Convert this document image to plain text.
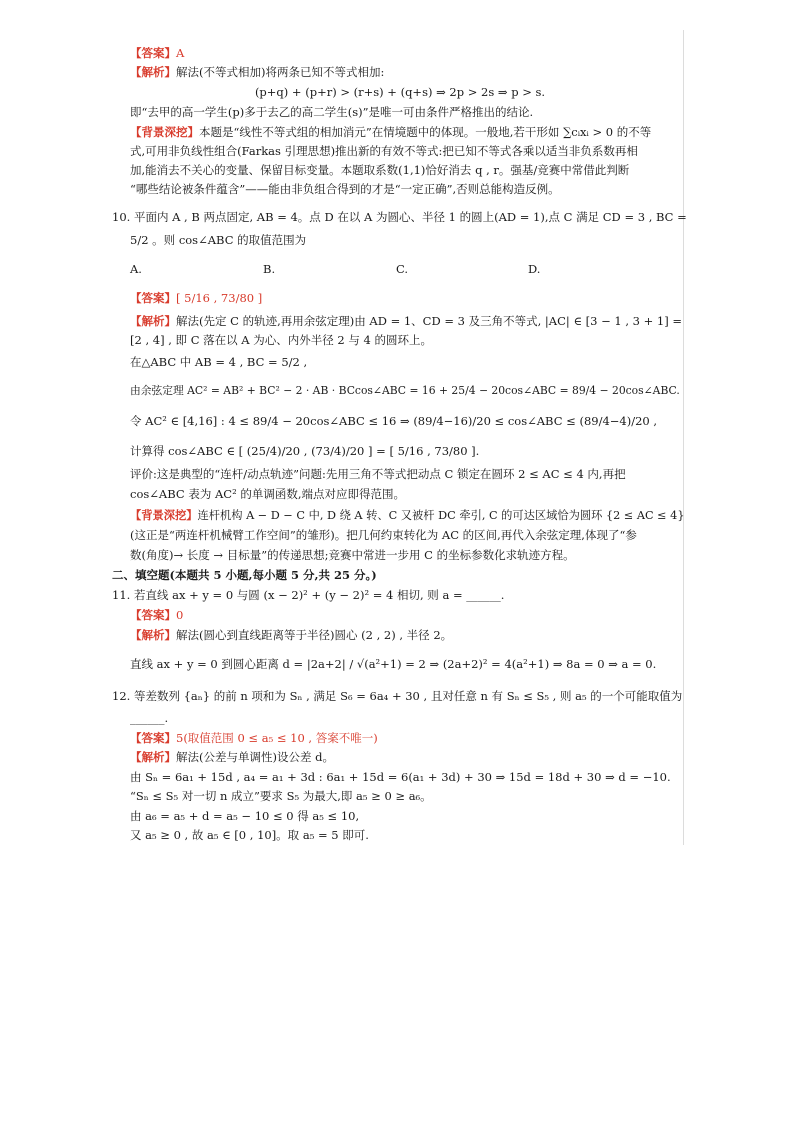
【答案】A
【解析】解法(不等式相加)将两条已知不等式相加:
(p+q) + (p+r) > (r+s) + (q+s) ⇒ 2p > 2s ⇒ p > s.
即“去甲的高一学生(p)多于去乙的高二学生(s)”是唯一可由条件严格推出的结论.
【背景深挖】本题是“线性不等式组的相加消元”在情境题中的体现。一般地,若干形如 ∑cᵢxᵢ > 0 的不等
式,可用非负线性组合(Farkas 引理思想)推出新的有效不等式:把已知不等式各乘以适当非负系数再相
加,能消去不关心的变量、保留目标变量。本题取系数(1,1)恰好消去 q , r。强基/竞赛中常借此判断
“哪些结论被条件蕴含”——能由非负组合得到的才是“一定正确”,否则总能构造反例。
10. 平面内 A , B 两点固定, AB = 4。点 D 在以 A 为圆心、半径 1 的圆上(AD = 1),点 C 满足 CD = 3 , BC =
5/2 。则 cos∠ABC 的取值范围为
A.	B.	C.	D.
【答案】[ 5/16 , 73/80 ]
【解析】解法(先定 C 的轨迹,再用余弦定理)由 AD = 1、CD = 3 及三角不等式, |AC| ∈ [3 − 1 , 3 + 1] =
[2 , 4] , 即 C 落在以 A 为心、内外半径 2 与 4 的圆环上。
在△ABC 中 AB = 4 , BC = 5/2 ,
由余弦定理 AC² = AB² + BC² − 2 · AB · BCcos∠ABC = 16 + 25/4 − 20cos∠ABC = 89/4 − 20cos∠ABC.
令 AC² ∈ [4,16] : 4 ≤ 89/4 − 20cos∠ABC ≤ 16 ⇒ (89/4−16)/20 ≤ cos∠ABC ≤ (89/4−4)/20 ,
计算得 cos∠ABC ∈ [ (25/4)/20 , (73/4)/20 ] = [ 5/16 , 73/80 ].
评价:这是典型的“连杆/动点轨迹”问题:先用三角不等式把动点 C 锁定在圆环 2 ≤ AC ≤ 4 内,再把
cos∠ABC 表为 AC² 的单调函数,端点对应即得范围。
【背景深挖】连杆机构 A − D − C 中, D 绕 A 转、C 又被杆 DC 牵引, C 的可达区域恰为圆环 {2 ≤ AC ≤ 4}
(这正是“两连杆机械臂工作空间”的雏形)。把几何约束转化为 AC 的区间,再代入余弦定理,体现了“参
数(角度)→ 长度 → 目标量”的传递思想;竞赛中常进一步用 C 的坐标参数化求轨迹方程。
二、填空题(本题共 5 小题,每小题 5 分,共 25 分。)
11. 若直线 ax + y = 0 与圆 (x − 2)² + (y − 2)² = 4 相切, 则 a = ______.
【答案】0
【解析】解法(圆心到直线距离等于半径)圆心 (2 , 2) , 半径 2。
直线 ax + y = 0 到圆心距离 d = |2a+2| / √(a²+1) = 2 ⇒ (2a+2)² = 4(a²+1) ⇒ 8a = 0 ⇒ a = 0.
12. 等差数列 {aₙ} 的前 n 项和为 Sₙ , 满足 S₆ = 6a₄ + 30 , 且对任意 n 有 Sₙ ≤ S₅ , 则 a₅ 的一个可能取值为
______.
【答案】5(取值范围 0 ≤ a₅ ≤ 10 , 答案不唯一)
【解析】解法(公差与单调性)设公差 d。
由 Sₙ = 6a₁ + 15d , a₄ = a₁ + 3d : 6a₁ + 15d = 6(a₁ + 3d) + 30 ⇒ 15d = 18d + 30 ⇒ d = −10.
“Sₙ ≤ S₅ 对一切 n 成立”要求 S₅ 为最大,即 a₅ ≥ 0 ≥ a₆。
由 a₆ = a₅ + d = a₅ − 10 ≤ 0 得 a₅ ≤ 10,
又 a₅ ≥ 0 , 故 a₅ ∈ [0 , 10]。取 a₅ = 5 即可.
